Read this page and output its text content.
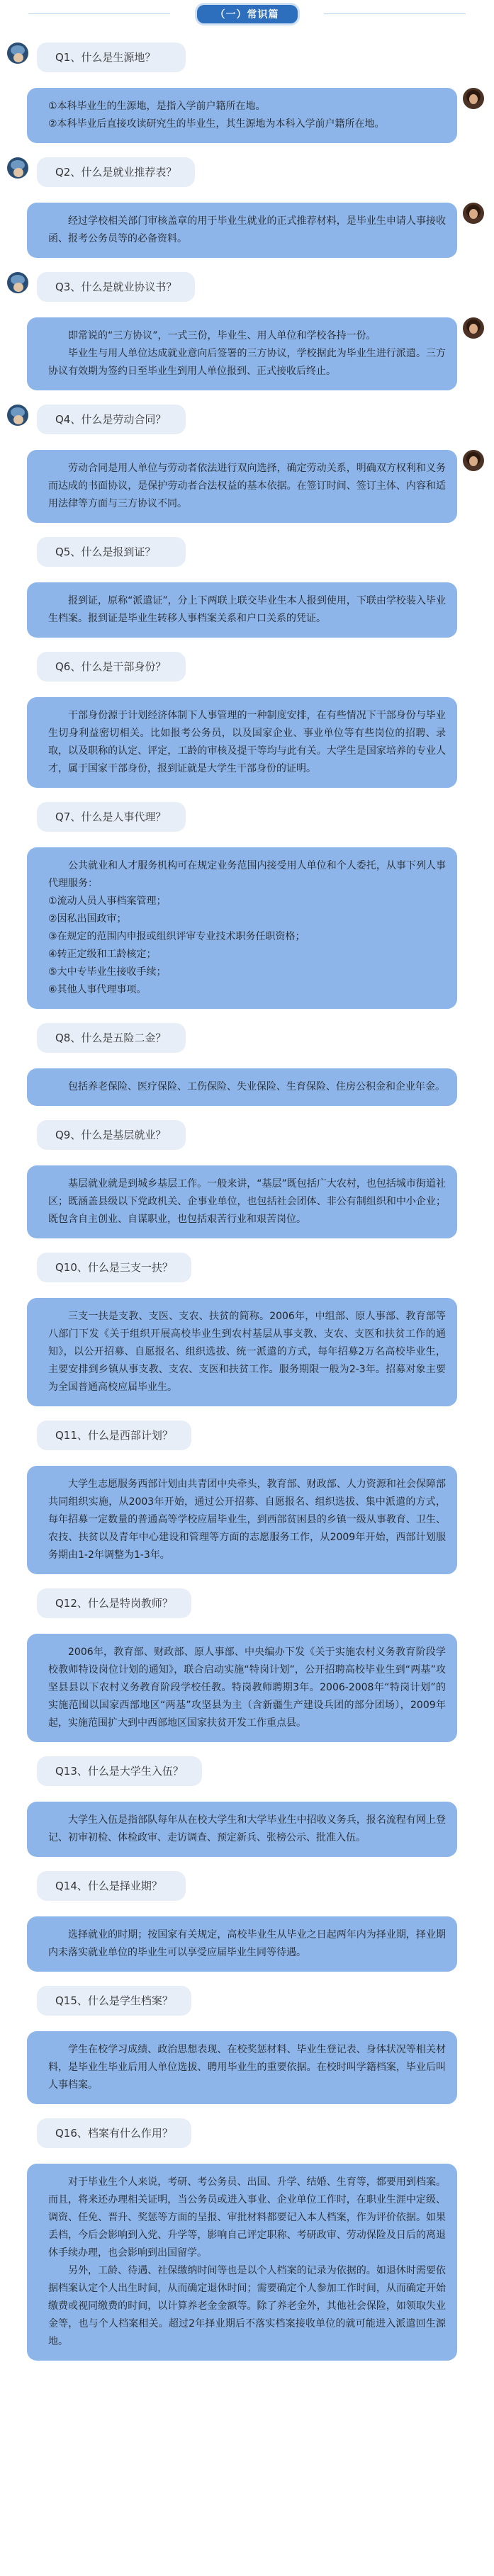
（一）常识篇
Q1、什么是生源地？

①本科毕业生的生源地，是指入学前户籍所在地。

②本科毕业后直接攻读研究生的毕业生，其生源地为本科入学前户籍所在地。

Q2、什么是就业推荐表？

经过学校相关部门审核盖章的用于毕业生就业的正式推荐材料，是毕业生申请人事接收函、报考公务员等的必备资料。

Q3、什么是就业协议书？

即常说的“三方协议”，一式三份，毕业生、用人单位和学校各持一份。

毕业生与用人单位达成就业意向后签署的三方协议，学校据此为毕业生进行派遣。三方协议有效期为签约日至毕业生到用人单位报到、正式接收后终止。

Q4、什么是劳动合同？

劳动合同是用人单位与劳动者依法进行双向选择，确定劳动关系，明确双方权利和义务而达成的书面协议，是保护劳动者合法权益的基本依据。在签订时间、签订主体、内容和适用法律等方面与三方协议不同。

Q5、什么是报到证？

报到证，原称“派遣证”，分上下两联上联交毕业生本人报到使用，下联由学校装入毕业生档案。报到证是毕业生转移人事档案关系和户口关系的凭证。

Q6、什么是干部身份？

干部身份源于计划经济体制下人事管理的一种制度安排，在有些情况下干部身份与毕业生切身利益密切相关。比如报考公务员，以及国家企业、事业单位等有些岗位的招聘、录取，以及职称的认定、评定，工龄的审核及提干等均与此有关。大学生是国家培养的专业人才，属于国家干部身份，报到证就是大学生干部身份的证明。

Q7、什么是人事代理？

公共就业和人才服务机构可在规定业务范围内接受用人单位和个人委托，从事下列人事代理服务：

①流动人员人事档案管理；

②因私出国政审；

③在规定的范围内申报或组织评审专业技术职务任职资格；

④转正定级和工龄核定；

⑤大中专毕业生接收手续；

⑥其他人事代理事项。

Q8、什么是五险二金？

包括养老保险、医疗保险、工伤保险、失业保险、生育保险、住房公积金和企业年金。

Q9、什么是基层就业？

基层就业就是到城乡基层工作。一般来讲，“基层”既包括广大农村，也包括城市街道社区；既涵盖县级以下党政机关、企事业单位，也包括社会团体、非公有制组织和中小企业；既包含自主创业、自谋职业，也包括艰苦行业和艰苦岗位。

Q10、什么是三支一扶？

三支一扶是支教、支医、支农、扶贫的简称。2006年，中组部、原人事部、教育部等八部门下发《关于组织开展高校毕业生到农村基层从事支教、支农、支医和扶贫工作的通知》，以公开招募、自愿报名、组织选拔、统一派遣的方式，每年招募2万名高校毕业生，主要安排到乡镇从事支教、支农、支医和扶贫工作。服务期限一般为2-3年。招募对象主要为全国普通高校应届毕业生。

Q11、什么是西部计划？

大学生志愿服务西部计划由共青团中央牵头，教育部、财政部、人力资源和社会保障部共同组织实施，从2003年开始，通过公开招募、自愿报名、组织选拔、集中派遣的方式，每年招募一定数量的普通高等学校应届毕业生，到西部贫困县的乡镇一级从事教育、卫生、农技、扶贫以及青年中心建设和管理等方面的志愿服务工作，从2009年开始，西部计划服务期由1-2年调整为1-3年。

Q12、什么是特岗教师？

2006年，教育部、财政部、原人事部、中央编办下发《关于实施农村义务教育阶段学校教师特设岗位计划的通知》，联合启动实施“特岗计划”，公开招聘高校毕业生到“两基”攻坚县县以下农村义务教育阶段学校任教。特岗教师聘期3年。2006-2008年“特岗计划”的实施范围以国家西部地区“两基”攻坚县为主（含新疆生产建设兵团的部分团场），2009年起，实施范围扩大到中西部地区国家扶贫开发工作重点县。

Q13、什么是大学生入伍？

大学生入伍是指部队每年从在校大学生和大学毕业生中招收义务兵，报名流程有网上登记、初审初检、体检政审、走访调查、预定新兵、张榜公示、批准入伍。

Q14、什么是择业期？

选择就业的时期；按国家有关规定，高校毕业生从毕业之日起两年内为择业期，择业期内未落实就业单位的毕业生可以享受应届毕业生同等待遇。

Q15、什么是学生档案？

学生在校学习成绩、政治思想表现、在校奖惩材料、毕业生登记表、身体状况等相关材料，是毕业生毕业后用人单位选拔、聘用毕业生的重要依据。在校时叫学籍档案，毕业后叫人事档案。

Q16、档案有什么作用？

对于毕业生个人来说，考研、考公务员、出国、升学、结婚、生育等，都要用到档案。而且，将来还办理相关证明，当公务员或进入事业、企业单位工作时，在职业生涯中定级、调资、任免、晋升、奖惩等方面的呈报、审批材料都要记入本人档案，作为评价依据。如果丢档，今后会影响到入党、升学等，影响自己评定职称、考研政审、劳动保险及日后的离退休手续办理，也会影响到出国留学。

另外，工龄、待遇、社保缴纳时间等也是以个人档案的记录为依据的。如退休时需要依据档案认定个人出生时间，从而确定退休时间；需要确定个人参加工作时间，从而确定开始缴费或视同缴费的时间，以计算养老金金额等。除了养老金外，其他社会保险，如领取失业金等，也与个人档案相关。超过2年择业期后不落实档案接收单位的就可能进入派遣回生源地。
